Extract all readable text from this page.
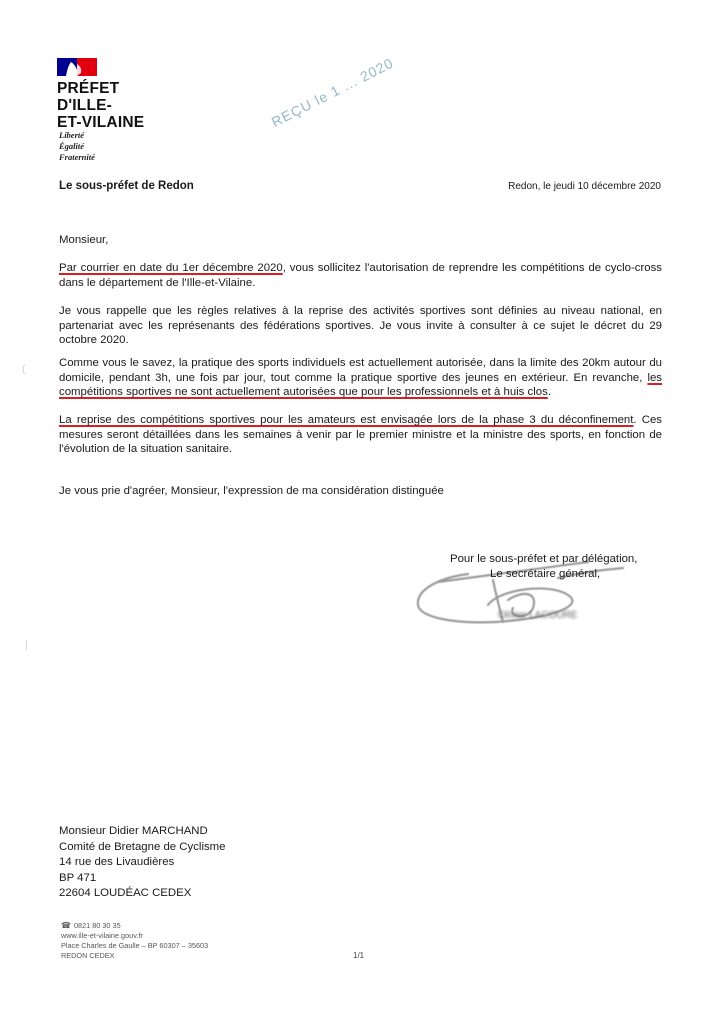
PRÉFET
D'ILLE-
ET-VILAINE
Liberté
Égalité
Fraternité
REÇU le 1 ... 2020
Le sous-préfet de Redon	Redon, le jeudi 10 décembre 2020
Monsieur,
Par courrier en date du 1er décembre 2020, vous sollicitez l'autorisation de reprendre les compétitions de cyclo-cross dans le département de l'Ille-et-Vilaine.
Je vous rappelle que les règles relatives à la reprise des activités sportives sont définies au niveau national, en partenariat avec les représenants des fédérations sportives. Je vous invite à consulter à ce sujet le décret du 29 octobre 2020.
Comme vous le savez, la pratique des sports individuels est actuellement autorisée, dans la limite des 20km autour du domicile, pendant 3h, une fois par jour, tout comme la pratique sportive des jeunes en extérieur. En revanche, les compétitions sportives ne sont actuellement autorisées que pour les professionnels et à huis clos.
La reprise des compétitions sportives pour les amateurs est envisagée lors de la phase 3 du déconfinement. Ces mesures seront détaillées dans les semaines à venir par le premier ministre et la ministre des sports, en fonction de l'évolution de la situation sanitaire.
Je vous prie d'agréer, Monsieur, l'expression de ma considération distinguée
Pour le sous-préfet et par délégation,
Le secrétaire général,
Olivier LACOURE
Monsieur Didier MARCHAND
Comité de Bretagne de Cyclisme
14 rue des Livaudières
BP 471
22604 LOUDÉAC CEDEX
☎ 0821 80 30 35
www.ille-et-vilaine.gouv.fr
Place Charles de Gaulle – BP 60307 – 35603
REDON CEDEX	1/1
(
|
